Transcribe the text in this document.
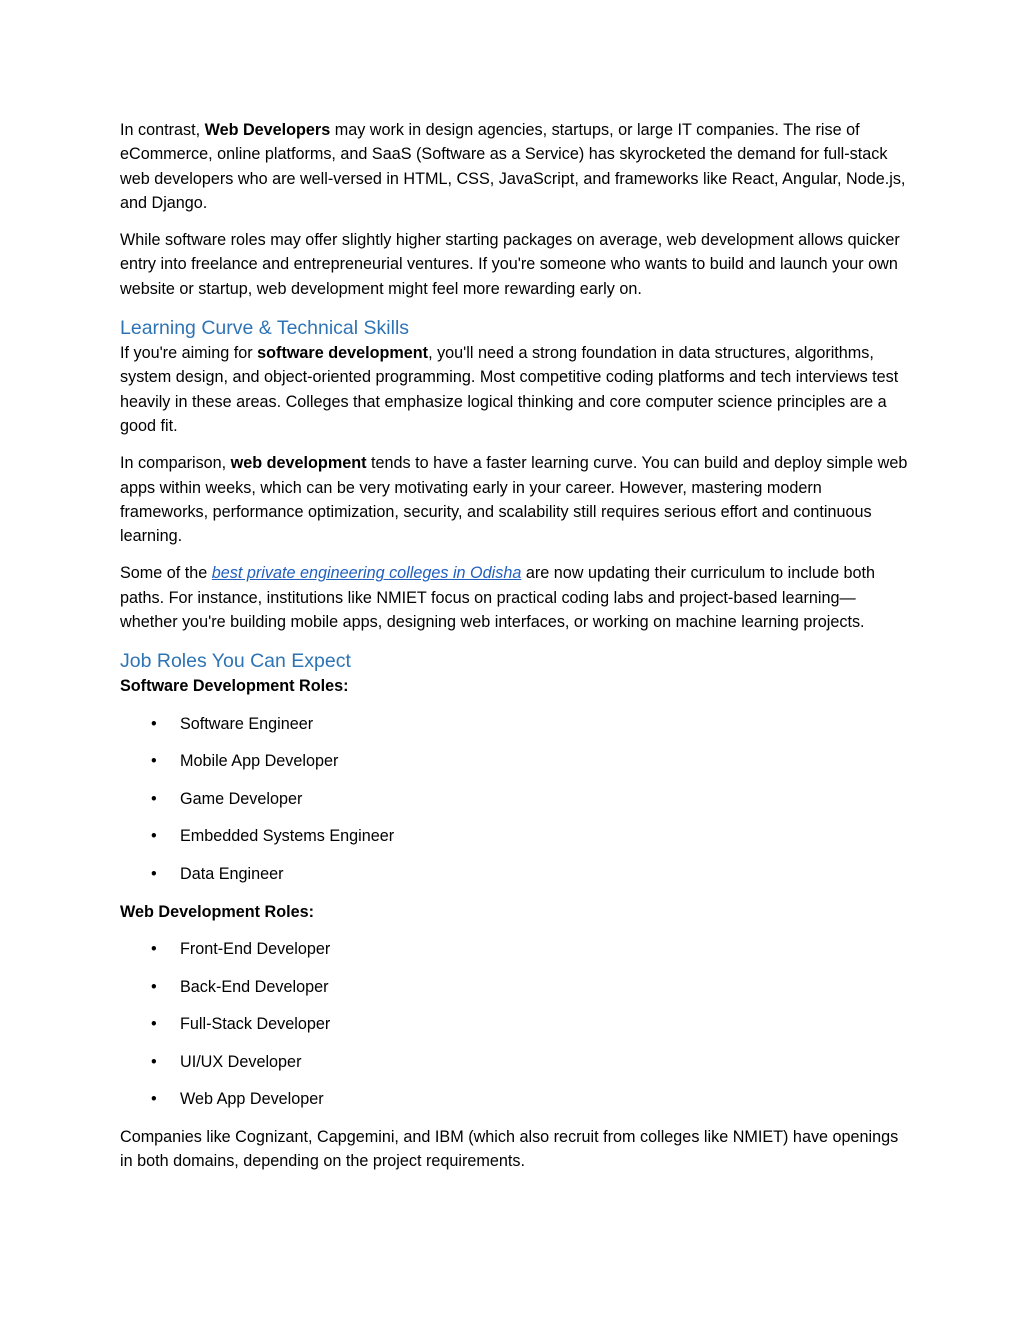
In contrast, Web Developers may work in design agencies, startups, or large IT companies. The rise of eCommerce, online platforms, and SaaS (Software as a Service) has skyrocketed the demand for full-stack web developers who are well-versed in HTML, CSS, JavaScript, and frameworks like React, Angular, Node.js, and Django.

While software roles may offer slightly higher starting packages on average, web development allows quicker entry into freelance and entrepreneurial ventures. If you're someone who wants to build and launch your own website or startup, web development might feel more rewarding early on.

Learning Curve & Technical Skills

If you're aiming for software development, you'll need a strong foundation in data structures, algorithms, system design, and object-oriented programming. Most competitive coding platforms and tech interviews test heavily in these areas. Colleges that emphasize logical thinking and core computer science principles are a good fit.

In comparison, web development tends to have a faster learning curve. You can build and deploy simple web apps within weeks, which can be very motivating early in your career. However, mastering modern frameworks, performance optimization, security, and scalability still requires serious effort and continuous learning.

Some of the best private engineering colleges in Odisha are now updating their curriculum to include both paths. For instance, institutions like NMIET focus on practical coding labs and project-based learning—whether you're building mobile apps, designing web interfaces, or working on machine learning projects.

Job Roles You Can Expect

Software Development Roles:

• Software Engineer
• Mobile App Developer
• Game Developer
• Embedded Systems Engineer
• Data Engineer

Web Development Roles:

• Front-End Developer
• Back-End Developer
• Full-Stack Developer
• UI/UX Developer
• Web App Developer

Companies like Cognizant, Capgemini, and IBM (which also recruit from colleges like NMIET) have openings in both domains, depending on the project requirements.
